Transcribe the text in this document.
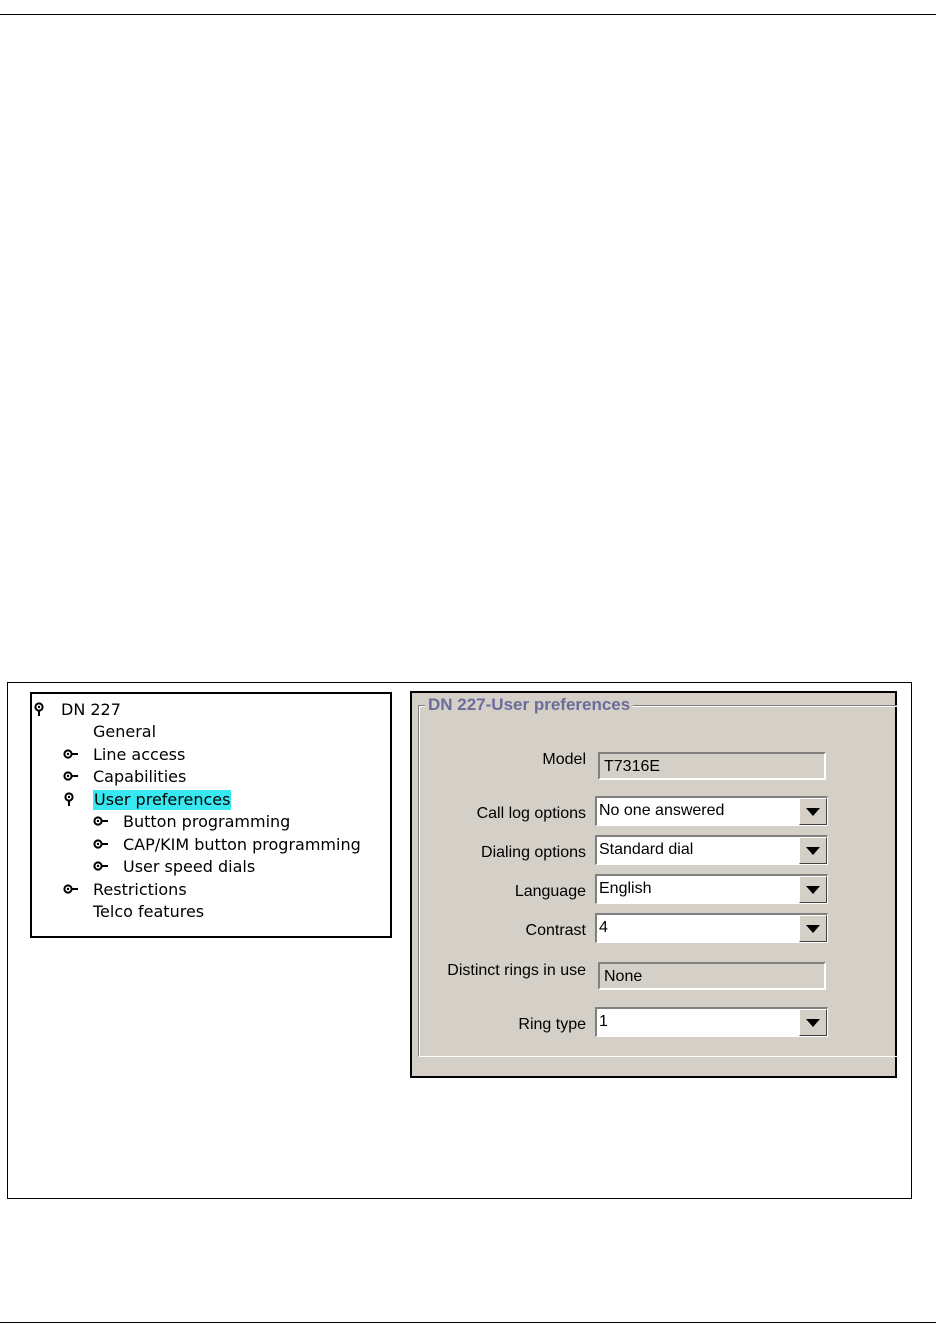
DN 227
General
Line access
Capabilities
User preferences
Button programming
CAP/KIM button programming
User speed dials
Restrictions
Telco features
DN 227-User preferences
Model	T7316E
Call log options No one answered
Dialing options Standard dial
Language English
Contrast 4
Distinct rings in use	None
Ring type 1
